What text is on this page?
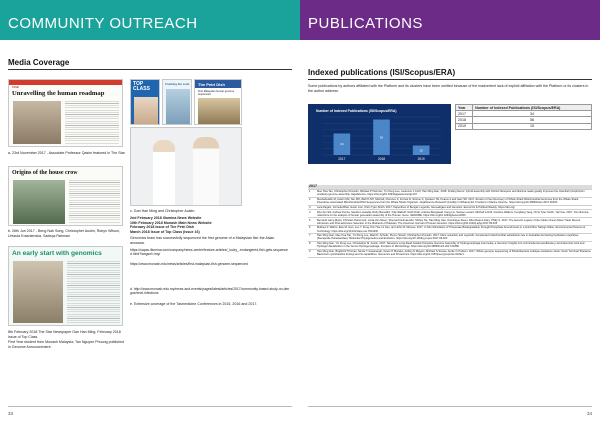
COMMUNITY OUTREACH
Media Coverage
STAR
Unravelling the human roadmap
a. 23rd November 2017 - Associate Professor Qasim featured in The Star
TOP CLASS
Cracking the code The Petri Dish
First Malaysian human genome sequenced
c. Gan Han Ming and Christopher Austin.
2nd February 2018 Illumina News Website
10th February 2018 Monash Main News Website
February 2018 Issue of The Petri Dish
March 2018 Issue of Top Class (Issue 16)
Genomics team has successfully sequenced the first genome of a Malaysian flat: the Asian arowana.
https://sapac.illumina.com/company/news-center/feature-articles/_lucky_-endangered-fish-gets-sequenced.html?langsel=/my/
https://www.monash.edu/news/articles/first-malaysian-fish-genome-sequenced
d. http://www.monash.edu.my/news-and-events/pages/latest/articles/2017/community-based-study-on-dengue/enel-infections
e. Extensive coverage of the Tasmedicine Conferences in 2015, 2016 and 2017.
Origins of the house crow
b. 26th Jun 2017 - Beng Nah Song, Christopher Austin, Robyn Wilson, Urszula Krasnienska, Sadeqa Rahman
An early start with genomics
8th February 2018 The Star Newspaper Gan Han Ming. February 2018 Issue of Top Class
First Year student from Monash Malaysia, Tan Nguyen Phuong published in Genome Announcement.
33
PUBLICATIONS
Indexed publications (ISI/Scopus/ERA)
Some publications by authors affiliated with the Platform and its clusters have been omitted because of the inadvertent lack of explicit affiliation with the Platform or its clusters in the author address.
Number of Indexed Publications (ISI/Scopus/ERA)
34
56
15
2017	2018	2019
Year	Number of Indexed Publications (ISI/Scopus/ERA)
2017	34
2018	56
2019	15
2017	
1	Mee Hua Tan, Christopher M Austin, Michael P Hammer, Yin Peng Lee, Laurence J Croft, Han Ming Gan, 2018. Finding Nemo: hybrid assembly with Oxford Nanopore and Illumina reads greatly improves the clownfish (Amphiprion ocellaris) genome assembly. GigaScience, https://doi.org/10.1093/gigascience/gix137
2	Mesbahuddin M, Austin CM, Tan MH, Wafi H-NH, Mitchell, Florence S, Forrest D, Strome S, Quintero TE, Pearce A and Gan HM. 2017. Erosion of Sex Recovery of Whole Shark Mitochondrial Genomes from the Whale Shark Pseudome Associated Mitochondrial DNA Sequences from the Whale Shark Organism. GigaScience Research (Fertility in Whales) Ed. Frontiers in Marine Science. https://doi.org/10.3389/fmars.2017.00400
3	Lara Pagani, Cornelia Bhat, Gavin Ivon, Chris Tyler-Smith. 2017. Kapentheo of Bengal: Legends, Genealogies and Genetics. Economic & Political Weekly. https://doi.org/
4	Wei-Jun Siti, Andrew Kurnia, Sandro Lucatella, Ruby Benedikz, Filip Walkoff, Nazif Orah, Andrew Borgstead, Fang Liu, Siewee Lenard, Mitchell A Duff, Caroline Walters, Fengfang Yang, Chris Tyler-Smith, Yali Xue. 2017. Two Illumina reflections on the analysis of human generation assembly of the Human. Gene. GENOME. https://doi.org/10.1093/gbe/evx2006
5	Bernardi Lamy-Marty, Christian Hammond, Linda Van Steen, Sherrard Delmas-Mei, Shirley Tat, Han Ming Gan, Dominique Steen, Rita Alvarez-Fairy, Philip S. 2017. The Genetic Legacy of the Indian Ocean Slave Trade Recent Admixture and Post-admixture Selection in the Makranis of Pakistan. The American Journal of Human Genetics. https://doi.org/10.1016/j.ajhg.2017.09.025
6	Mathew F. Wahto, Ewe M. Gan, Lee Y. Peng, Kim Hoe Lit Cao, and John M. Moreau. 2017. In Situ Stimulation of Thiopurate Biodegradation through Phosphate Amendments in a Gold Mine Tailings Water. Environmental Science & Technology. https://doi.org/10.1021/acs.est.7b04432
7	Han Ming Gan, Mee Hua Tan, Yin Peng Lee, Mark D. Schultz, Pierre Howell, Christopher M Austin. 2017. More reduction and regrowth: Accelerated mitochondrial substitution rate in Australian burrowing freshwater crayfishes (Decapoda: Parastacidae). Molecular Phylogenetics and Evolution. https://doi.org/10.1016/j.ympev.2017.09.022
8	Han Ming Gan, Yin Peng Lee, Christopher M. Austin. 2017. Nanopore Long-Read Guided Complete Genome Assembly of Hydrogenophaga intermedia, a Genomic Insights into 4-Aminobenzenesulfonate p-Aminobenzoic Acid and Hydrogen Metabolism in the Genus Hydrogenophaga. Frontiers in Microbiology. https://doi.org/10.3389/fmicb.2017.01880
9	Han Ming Gan, Brighid R Thomas, Nicole T Cavanaugh, Grace H Morales, Ashley N Mayers, Michael S Savoie, Andre O Hudson. 2017. Whole genome sequencing of Rhodobacteria multique-resistance strain: Gram Terminal Tolerance Bacterium Lysinibacillus forsingi and its capabilities. Genomics and Proteomics. https://doi.org/10.7287/peerj.preprints.3129v1
34
